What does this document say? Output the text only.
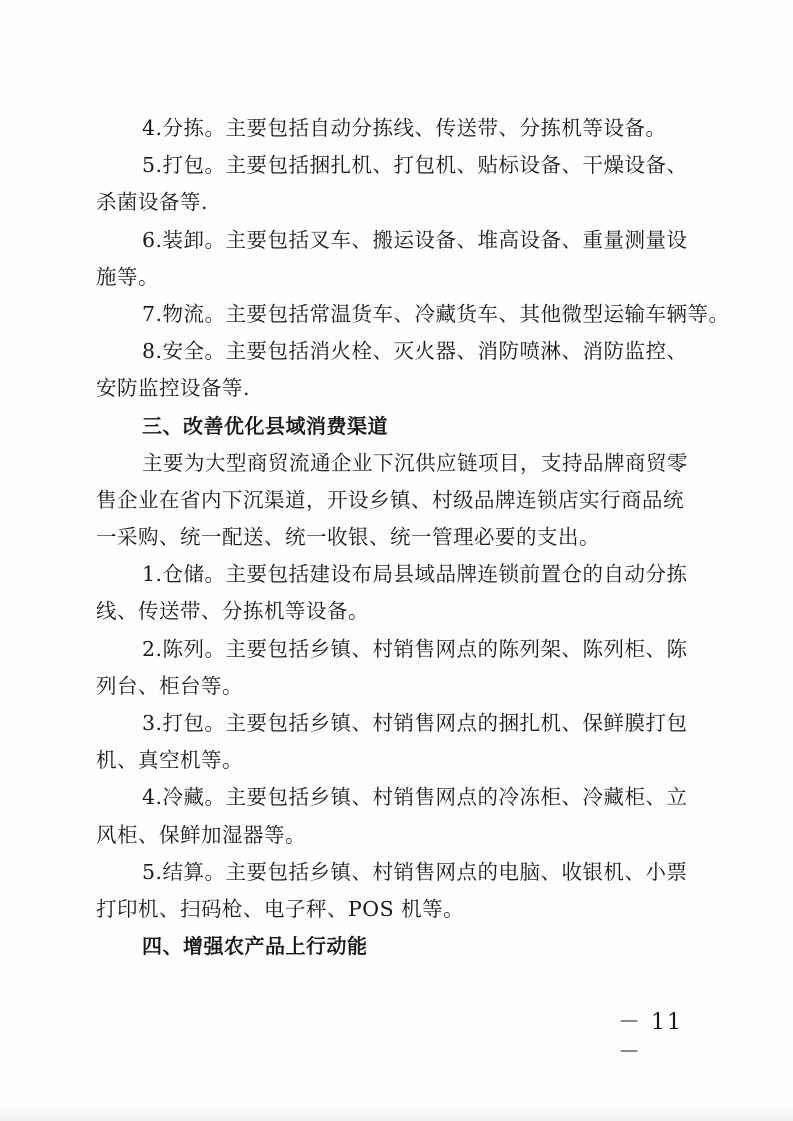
4.分拣。主要包括自动分拣线、传送带、分拣机等设备。
5.打包。主要包括捆扎机、打包机、贴标设备、干燥设备、
杀菌设备等.
6.装卸。主要包括叉车、搬运设备、堆高设备、重量测量设
施等。
7.物流。主要包括常温货车、冷藏货车、其他微型运输车辆等。
8.安全。主要包括消火栓、灭火器、消防喷淋、消防监控、
安防监控设备等.
三、改善优化县域消费渠道
主要为大型商贸流通企业下沉供应链项目，支持品牌商贸零
售企业在省内下沉渠道，开设乡镇、村级品牌连锁店实行商品统
一采购、统一配送、统一收银、统一管理必要的支出。
1.仓储。主要包括建设布局县域品牌连锁前置仓的自动分拣
线、传送带、分拣机等设备。
2.陈列。主要包括乡镇、村销售网点的陈列架、陈列柜、陈
列台、柜台等。
3.打包。主要包括乡镇、村销售网点的捆扎机、保鲜膜打包
机、真空机等。
4.冷藏。主要包括乡镇、村销售网点的冷冻柜、冷藏柜、立
风柜、保鲜加湿器等。
5.结算。主要包括乡镇、村销售网点的电脑、收银机、小票
打印机、扫码枪、电子秤、POS 机等。
四、增强农产品上行动能
－ 11 －
